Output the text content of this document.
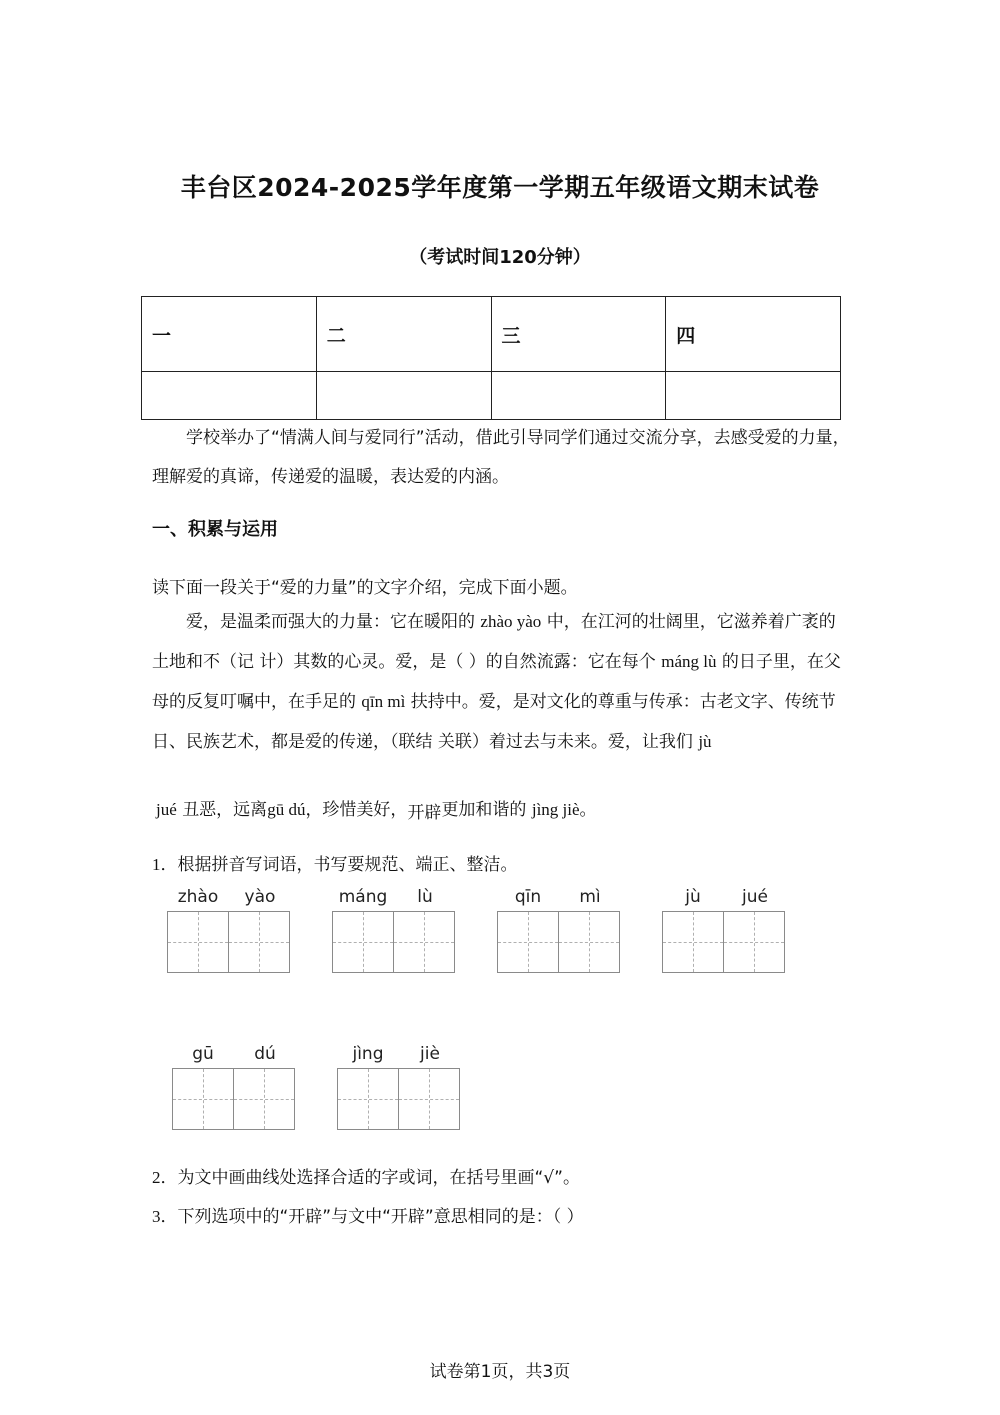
丰台区2024-2025学年度第一学期五年级语文期末试卷
（考试时间120分钟）
一	二	三	四

学校举办了“情满人间与爱同行”活动，借此引导同学们通过交流分享，去感受爱的力量，理解爱的真谛，传递爱的温暖，表达爱的内涵。

一、积累与运用
读下面一段关于“爱的力量”的文字介绍，完成下面小题。

爱，是温柔而强大的力量：它在暖阳的 zhào yào 中，在江河的壮阔里，它滋养着广袤的土地和不（记 计）其数的心灵。爱，是（ ）的自然流露：它在每个 máng lù 的日子里，在父母的反复叮嘱中，在手足的 qīn mì 扶持中。爱，是对文化的尊重与传承：古老文字、传统节日、民族艺术，都是爱的传递，（联结 关联）着过去与未来。爱，让我们 jù

jué 丑恶，远离gū dú，珍惜美好，开辟更加和谐的 jìng jiè。
1．根据拼音写词语，书写要规范、端正、整洁。
zhào	yào	máng	lù	qīn	mì	jù	jué
gū	dú	jìng	jiè
2．为文中画曲线处选择合适的字或词，在括号里画“√”。
3．下列选项中的“开辟”与文中“开辟”意思相同的是：（ ）
试卷第1页，共3页
